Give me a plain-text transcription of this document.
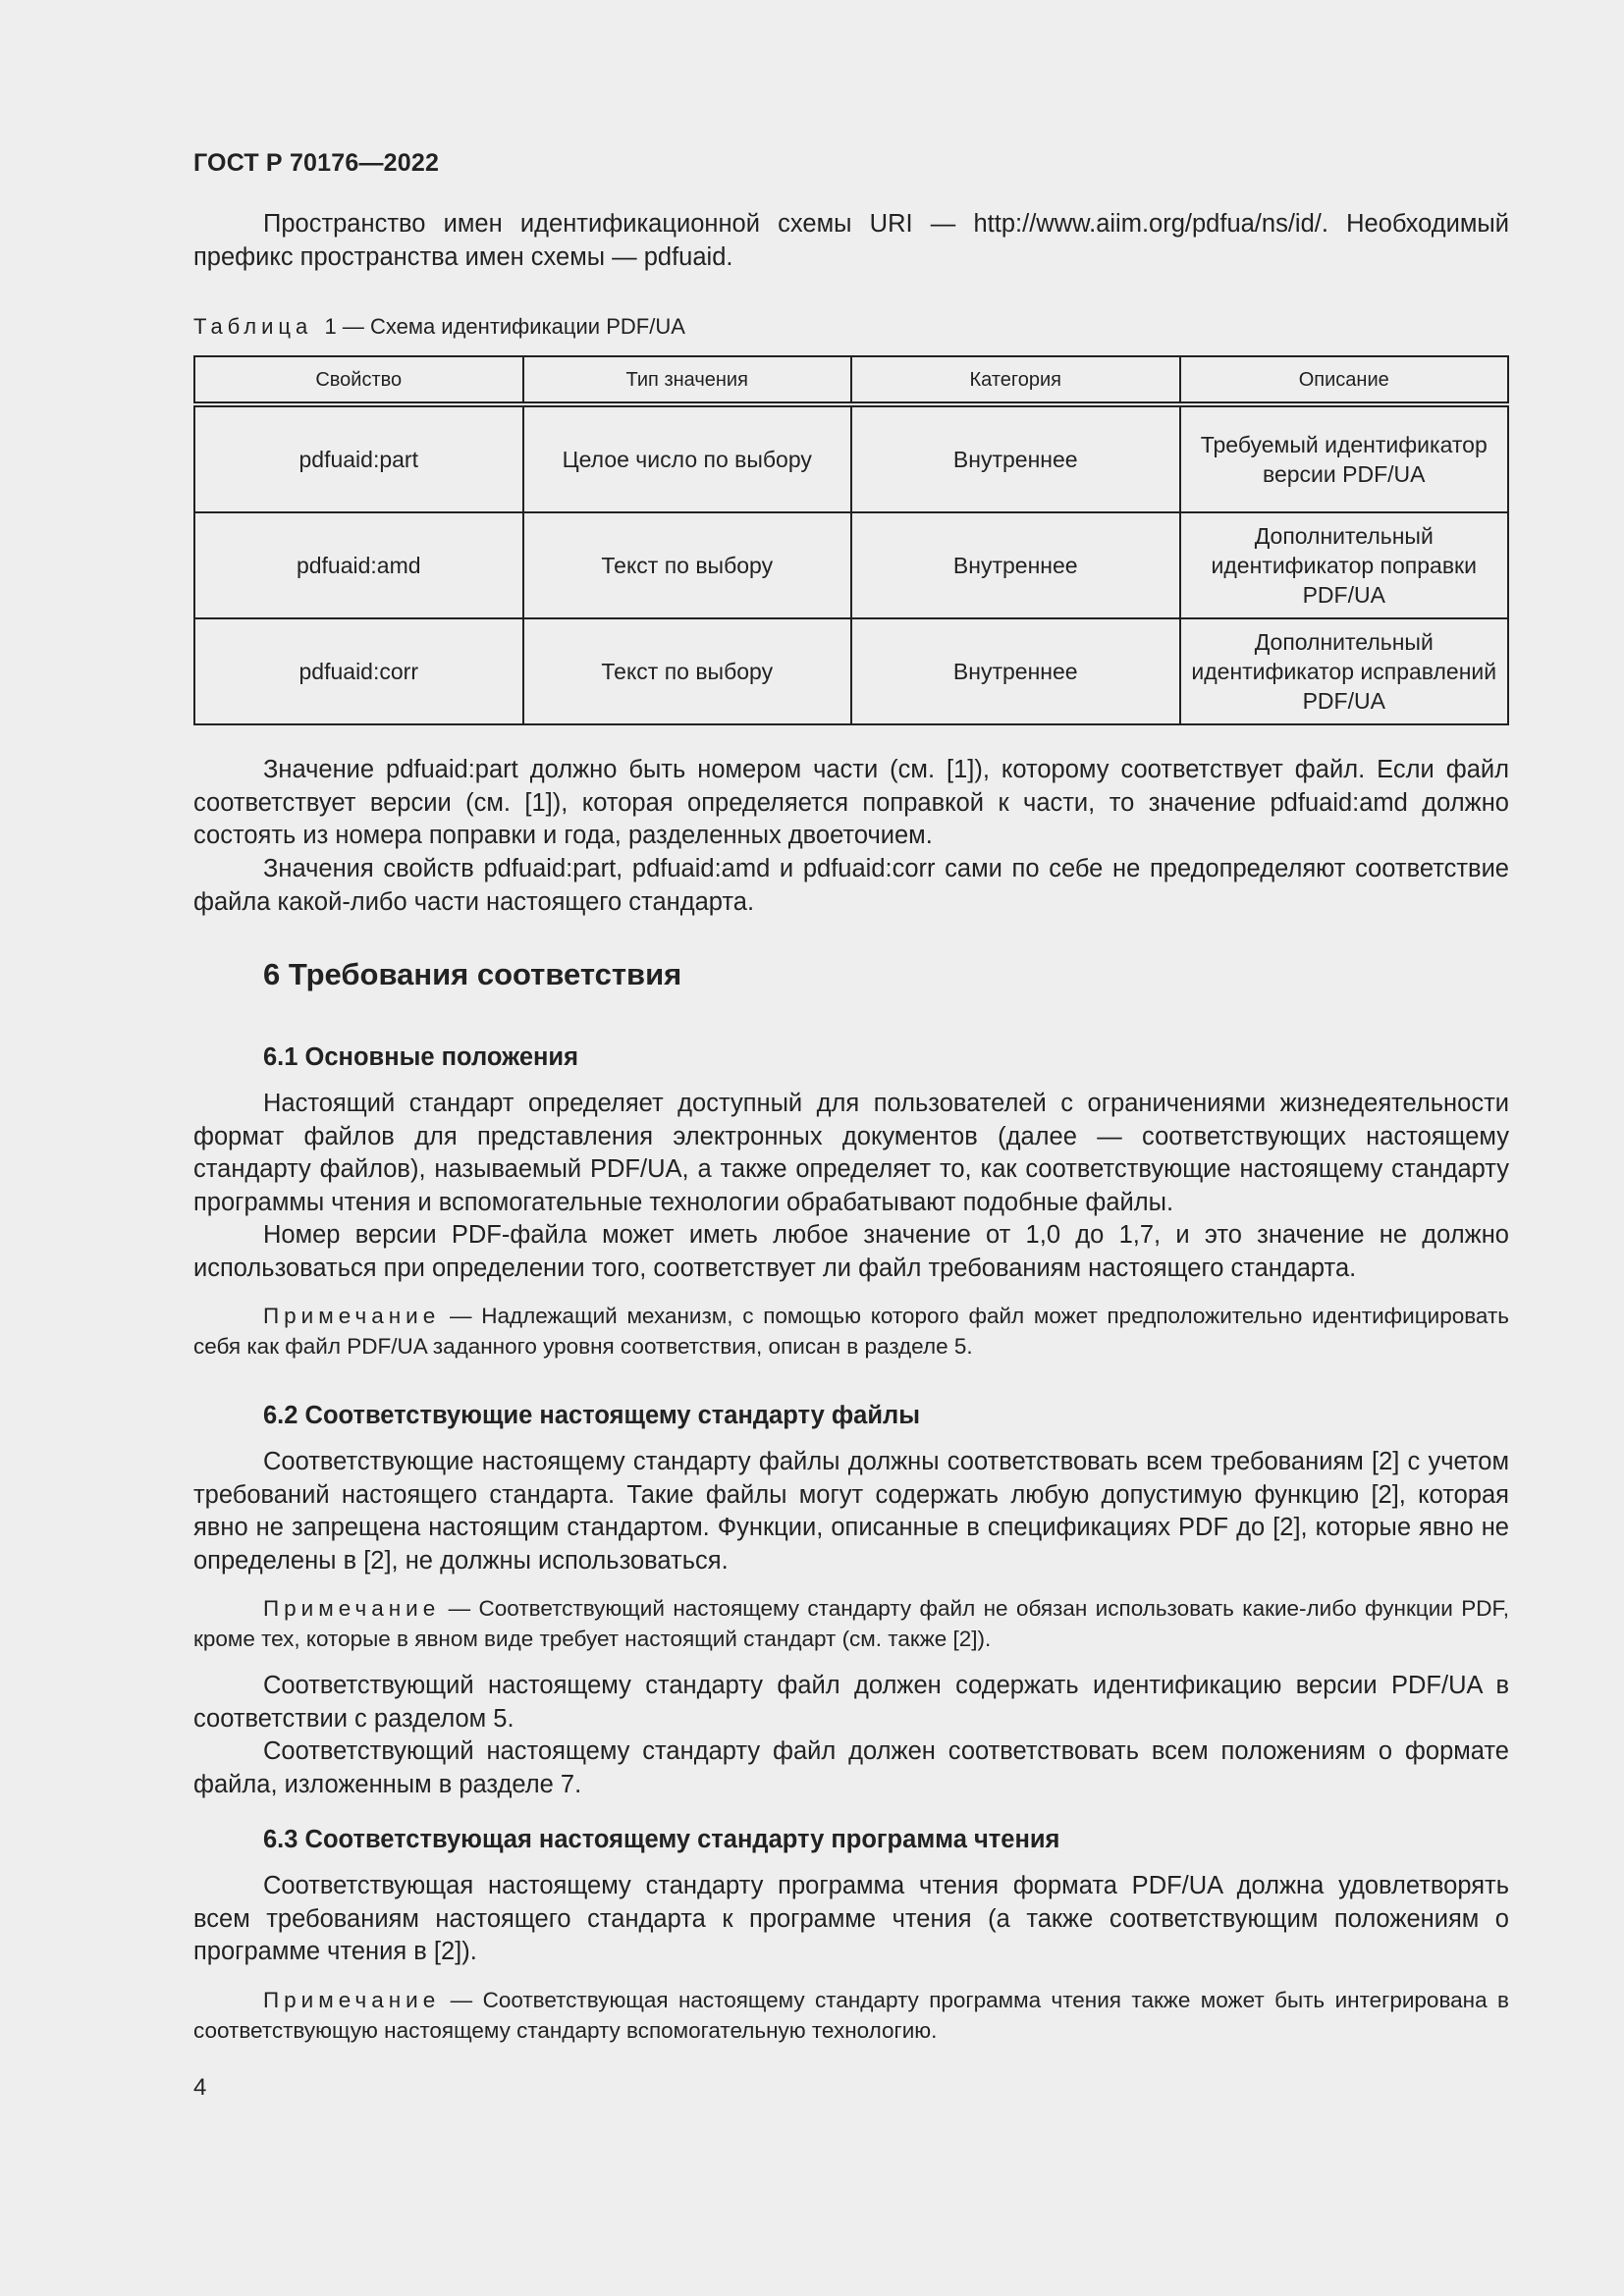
ГОСТ Р 70176—2022

Пространство имен идентификационной схемы URI — http://www.aiim.org/pdfua/ns/id/. Необходимый префикс пространства имен схемы — pdfuaid.

Таблица 1 — Схема идентификации PDF/UA
Свойство	Тип значения	Категория	Описание
pdfuaid:part	Целое число по выбору	Внутреннее	Требуемый идентификатор версии PDF/UA
pdfuaid:amd	Текст по выбору	Внутреннее	Дополнительный идентификатор поправки PDF/UA
pdfuaid:corr	Текст по выбору	Внутреннее	Дополнительный идентификатор исправлений PDF/UA

Значение pdfuaid:part должно быть номером части (см. [1]), которому соответствует файл. Если файл соответствует версии (см. [1]), которая определяется поправкой к части, то значение pdfuaid:amd должно состоять из номера поправки и года, разделенных двоеточием.

Значения свойств pdfuaid:part, pdfuaid:amd и pdfuaid:corr сами по себе не предопределяют соответствие файла какой-либо части настоящего стандарта.

6 Требования соответствия
6.1 Основные положения

Настоящий стандарт определяет доступный для пользователей с ограничениями жизнедеятельности формат файлов для представления электронных документов (далее — соответствующих настоящему стандарту файлов), называемый PDF/UA, а также определяет то, как соответствующие настоящему стандарту программы чтения и вспомогательные технологии обрабатывают подобные файлы.

Номер версии PDF-файла может иметь любое значение от 1,0 до 1,7, и это значение не должно использоваться при определении того, соответствует ли файл требованиям настоящего стандарта.

Примечание — Надлежащий механизм, с помощью которого файл может предположительно идентифицировать себя как файл PDF/UA заданного уровня соответствия, описан в разделе 5.

6.2 Соответствующие настоящему стандарту файлы

Соответствующие настоящему стандарту файлы должны соответствовать всем требованиям [2] с учетом требований настоящего стандарта. Такие файлы могут содержать любую допустимую функцию [2], которая явно не запрещена настоящим стандартом. Функции, описанные в спецификациях PDF до [2], которые явно не определены в [2], не должны использоваться.

Примечание — Соответствующий настоящему стандарту файл не обязан использовать какие-либо функции PDF, кроме тех, которые в явном виде требует настоящий стандарт (см. также [2]).

Соответствующий настоящему стандарту файл должен содержать идентификацию версии PDF/UA в соответствии с разделом 5.

Соответствующий настоящему стандарту файл должен соответствовать всем положениям о формате файла, изложенным в разделе 7.

6.3 Соответствующая настоящему стандарту программа чтения

Соответствующая настоящему стандарту программа чтения формата PDF/UA должна удовлетворять всем требованиям настоящего стандарта к программе чтения (а также соответствующим положениям о программе чтения в [2]).

Примечание — Соответствующая настоящему стандарту программа чтения также может быть интегрирована в соответствующую настоящему стандарту вспомогательную технологию.

4
